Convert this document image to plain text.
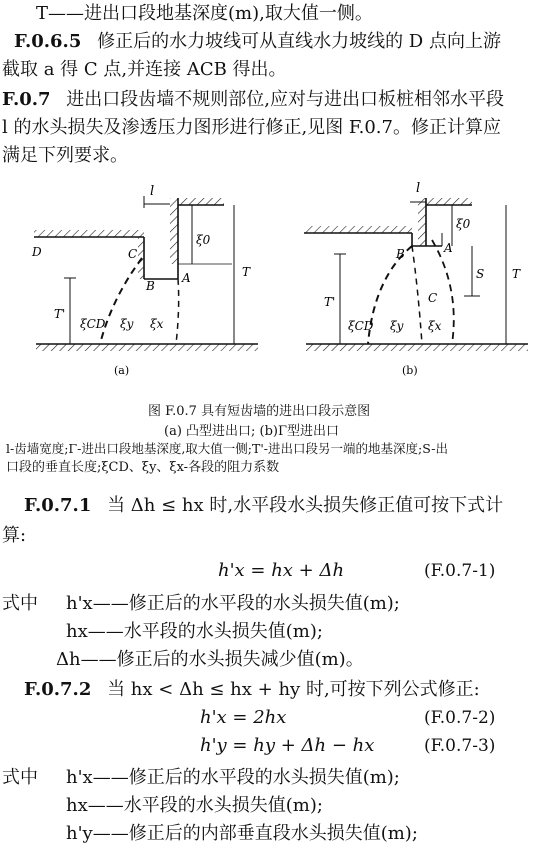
T——进出口段地基深度(m),取大值一侧。
F.0.6.5 修正后的水力坡线可从直线水力坡线的 D 点向上游
截取 a 得 C 点,并连接 ACB 得出。
F.0.7 进出口段齿墙不规则部位,应对与进出口板桩相邻水平段
l 的水头损失及渗透压力图形进行修正,见图 F.0.7。修正计算应
满足下列要求。
l
ξ0
T
T'
D	C
B
A
ξCD ξy ξx
(a)
l
ξ0
S T
T'
B	A
C
ξCD ξy ξx
(b)
图 F.0.7 具有短齿墙的进出口段示意图
(a) 凸型进出口; (b)Γ型进出口
l-齿墙宽度;Γ-进出口段地基深度,取大值一侧;T'-进出口段另一端的地基深度;S-出
口段的垂直长度;ξCD、ξy、ξx-各段的阻力系数
F.0.7.1 当 Δh ≤ hx 时,水平段水头损失修正值可按下式计
算:
h'x = hx + Δh	(F.0.7-1)
式中 h'x——修正后的水平段的水头损失值(m);
hx——水平段的水头损失值(m);
Δh——修正后的水头损失减少值(m)。
F.0.7.2 当 hx < Δh ≤ hx + hy 时,可按下列公式修正:
h'x = 2hx	(F.0.7-2)
h'y = hy + Δh − hx	(F.0.7-3)
式中 h'x——修正后的水平段的水头损失值(m);
hx——水平段的水头损失值(m);
h'y——修正后的内部垂直段水头损失值(m);
